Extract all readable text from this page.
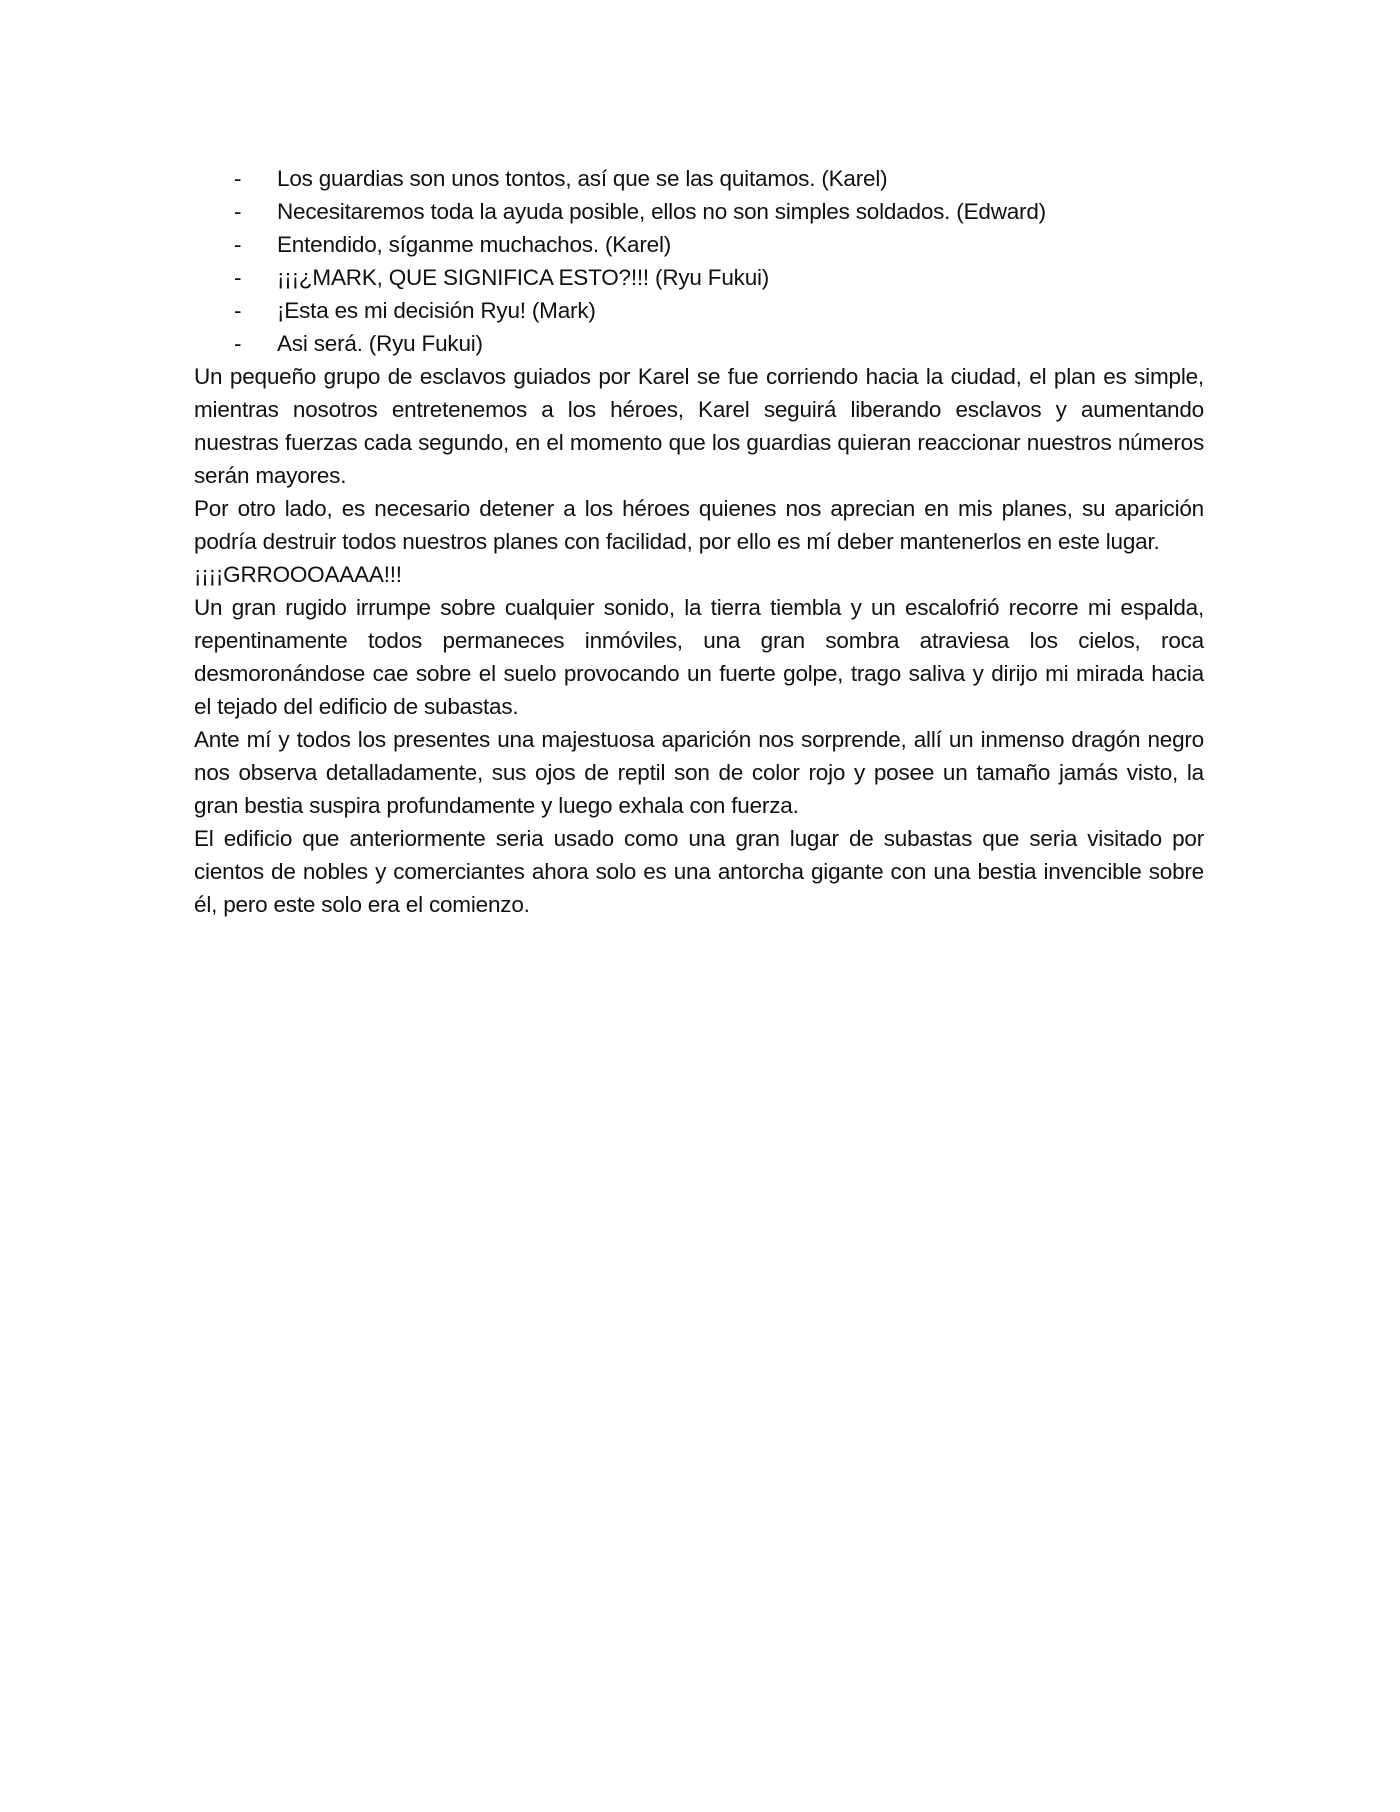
- Los guardias son unos tontos, así que se las quitamos. (Karel)
- Necesitaremos toda la ayuda posible, ellos no son simples soldados. (Edward)
- Entendido, síganme muchachos. (Karel)
- ¡¡¡¿MARK, QUE SIGNIFICA ESTO?!!! (Ryu Fukui)
- ¡Esta es mi decisión Ryu! (Mark)
- Asi será. (Ryu Fukui)

Un pequeño grupo de esclavos guiados por Karel se fue corriendo hacia la ciudad, el plan es simple, mientras nosotros entretenemos a los héroes, Karel seguirá liberando esclavos y aumentando nuestras fuerzas cada segundo, en el momento que los guardias quieran reaccionar nuestros números serán mayores.

Por otro lado, es necesario detener a los héroes quienes nos aprecian en mis planes, su aparición podría destruir todos nuestros planes con facilidad, por ello es mí deber mantenerlos en este lugar.

¡¡¡¡GRROOOAAAA!!!

Un gran rugido irrumpe sobre cualquier sonido, la tierra tiembla y un escalofrió recorre mi espalda, repentinamente todos permaneces inmóviles, una gran sombra atraviesa los cielos, roca desmoronándose cae sobre el suelo provocando un fuerte golpe, trago saliva y dirijo mi mirada hacia el tejado del edificio de subastas.

Ante mí y todos los presentes una majestuosa aparición nos sorprende, allí un inmenso dragón negro nos observa detalladamente, sus ojos de reptil son de color rojo y posee un tamaño jamás visto, la gran bestia suspira profundamente y luego exhala con fuerza.

El edificio que anteriormente seria usado como una gran lugar de subastas que seria visitado por cientos de nobles y comerciantes ahora solo es una antorcha gigante con una bestia invencible sobre él, pero este solo era el comienzo.
